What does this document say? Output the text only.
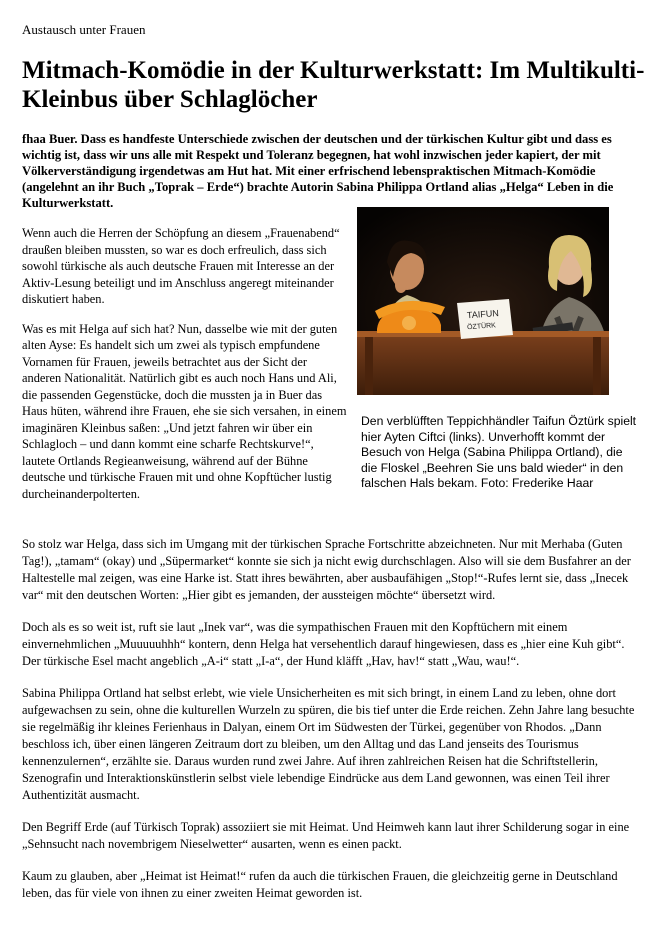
Austausch unter Frauen
Mitmach-Komödie in der Kulturwerkstatt: Im Multikulti-Kleinbus über Schlaglöcher

fhaa Buer. Dass es handfeste Unterschiede zwischen der deutschen und der türkischen Kultur gibt und dass es wichtig ist, dass wir uns alle mit Respekt und Toleranz begegnen, hat wohl inzwischen jeder kapiert, der mit Völkerverständigung irgendetwas am Hut hat. Mit einer erfrischend lebenspraktischen Mitmach-Komödie (angelehnt an ihr Buch „Toprak – Erde“) brachte Autorin Sabina Philippa Ortland alias „Helga“ Leben in die Kulturwerkstatt.

Wenn auch die Herren der Schöpfung an diesem „Frauenabend“ draußen bleiben mussten, so war es doch erfreulich, dass sich sowohl türkische als auch deutsche Frauen mit Interesse an der Aktiv-Lesung beteiligt und im Anschluss angeregt miteinander diskutiert haben.

Was es mit Helga auf sich hat? Nun, dasselbe wie mit der guten alten Ayse: Es handelt sich um zwei als typisch empfundene Vornamen für Frauen, jeweils betrachtet aus der Sicht der anderen Nationalität. Natürlich gibt es auch noch Hans und Ali, die passenden Gegenstücke, doch die mussten ja in Buer das Haus hüten, während ihre Frauen, ehe sie sich versahen, in einem imaginären Kleinbus saßen: „Und jetzt fahren wir über ein Schlagloch – und dann kommt eine scharfe Rechtskurve!“, lautete Ortlands Regieanweisung, während auf der Bühne deutsche und türkische Frauen mit und ohne Kopftücher lustig durcheinanderpolterten.

TAIFUN
ÖZTÜRK

Den verblüfften Teppichhändler Taifun Öztürk spielt hier Ayten Ciftci (links). Unverhofft kommt der Besuch von Helga (Sabina Philippa Ortland), die die Floskel „Beehren Sie uns bald wieder“ in den falschen Hals bekam. Foto: Frederike Haar

So stolz war Helga, dass sich im Umgang mit der türkischen Sprache Fortschritte abzeichneten. Nur mit Merhaba (Guten Tag!), „tamam“ (okay) und „Süpermarket“ konnte sie sich ja nicht ewig durchschlagen. Also will sie dem Busfahrer an der Haltestelle mal zeigen, was eine Harke ist. Statt ihres bewährten, aber ausbaufähigen „Stop!“-Rufes lernt sie, dass „Inecek var“ mit den deutschen Worten: „Hier gibt es jemanden, der aussteigen möchte“ übersetzt wird.

Doch als es so weit ist, ruft sie laut „Inek var“, was die sympathischen Frauen mit den Kopftüchern mit einem einvernehmlichen „Muuuuuhhh“ kontern, denn Helga hat versehentlich darauf hingewiesen, dass es „hier eine Kuh gibt“. Der türkische Esel macht angeblich „A-i“ statt „I-a“, der Hund kläfft „Hav, hav!“ statt „Wau, wau!“.

Sabina Philippa Ortland hat selbst erlebt, wie viele Unsicherheiten es mit sich bringt, in einem Land zu leben, ohne dort aufgewachsen zu sein, ohne die kulturellen Wurzeln zu spüren, die bis tief unter die Erde reichen. Zehn Jahre lang besuchte sie regelmäßig ihr kleines Ferienhaus in Dalyan, einem Ort im Südwesten der Türkei, gegenüber von Rhodos. „Dann beschloss ich, über einen längeren Zeitraum dort zu bleiben, um den Alltag und das Land jenseits des Tourismus kennenzulernen“, erzählte sie. Daraus wurden rund zwei Jahre. Auf ihren zahlreichen Reisen hat die Schriftstellerin, Szenografin und Interaktionskünstlerin selbst viele lebendige Eindrücke aus dem Land gewonnen, was einen Teil ihrer Authentizität ausmacht.

Den Begriff Erde (auf Türkisch Toprak) assoziiert sie mit Heimat. Und Heimweh kann laut ihrer Schilderung sogar in eine „Sehnsucht nach novembrigem Nieselwetter“ ausarten, wenn es einen packt.

Kaum zu glauben, aber „Heimat ist Heimat!“ rufen da auch die türkischen Frauen, die gleichzeitig gerne in Deutschland leben, das für viele von ihnen zu einer zweiten Heimat geworden ist.
